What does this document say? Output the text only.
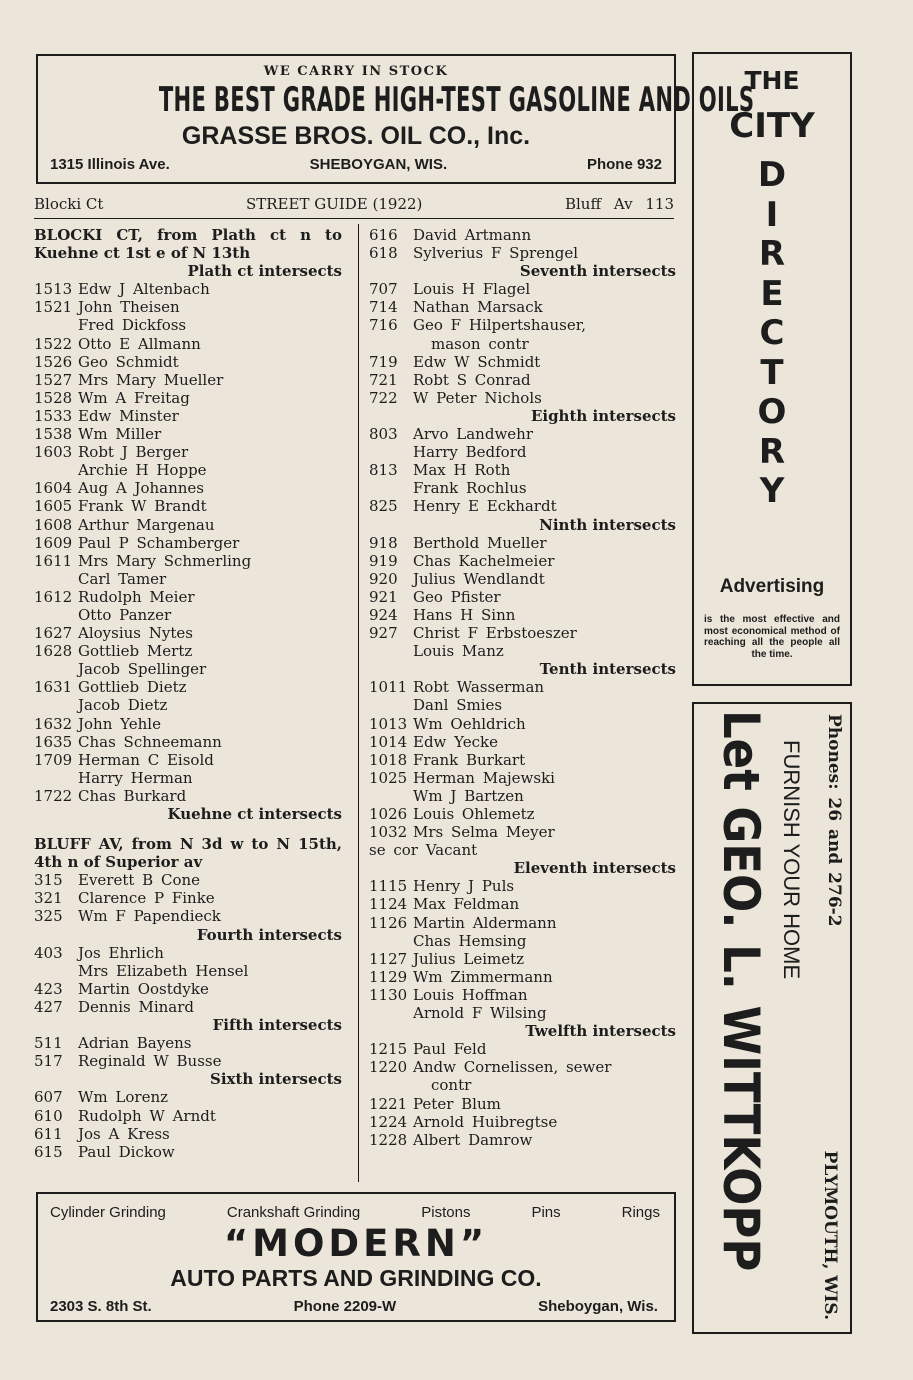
WE CARRY IN STOCK
THE BEST GRADE HIGH-TEST GASOLINE AND OILS
GRASSE BROS. OIL CO., Inc.
1315 Illinois Ave.	SHEBOYGAN, WIS.	Phone 932
Blocki Ct	STREET GUIDE (1922)	Bluff Av 113
BLOCKI CT, from Plath ct n to Kuehne ct 1st e of N 13th
Plath ct intersects
1513 Edw J Altenbach
1521 John Theisen
Fred Dickfoss
1522 Otto E Allmann
1526 Geo Schmidt
1527 Mrs Mary Mueller
1528 Wm A Freitag
1533 Edw Minster
1538 Wm Miller
1603 Robt J Berger
Archie H Hoppe
1604 Aug A Johannes
1605 Frank W Brandt
1608 Arthur Margenau
1609 Paul P Schamberger
1611 Mrs Mary Schmerling
Carl Tamer
1612 Rudolph Meier
Otto Panzer
1627 Aloysius Nytes
1628 Gottlieb Mertz
Jacob Spellinger
1631 Gottlieb Dietz
Jacob Dietz
1632 John Yehle
1635 Chas Schneemann
1709 Herman C Eisold
Harry Herman
1722 Chas Burkard
Kuehne ct intersects
BLUFF AV, from N 3d w to N 15th, 4th n of Superior av
315	Everett B Cone
321	Clarence P Finke
325	Wm F Papendieck
Fourth intersects
403	Jos Ehrlich
Mrs Elizabeth Hensel
423	Martin Oostdyke
427	Dennis Minard
Fifth intersects
511	Adrian Bayens
517	Reginald W Busse
Sixth intersects
607	Wm Lorenz
610	Rudolph W Arndt
611	Jos A Kress
615	Paul Dickow
616	David Artmann
618	Sylverius F Sprengel
Seventh intersects
707	Louis H Flagel
714	Nathan Marsack
716	Geo F Hilpertshauser,
mason contr
719	Edw W Schmidt
721	Robt S Conrad
722	W Peter Nichols
Eighth intersects
803	Arvo Landwehr
Harry Bedford
813	Max H Roth
Frank Rochlus
825	Henry E Eckhardt
Ninth intersects
918	Berthold Mueller
919	Chas Kachelmeier
920	Julius Wendlandt
921	Geo Pfister
924	Hans H Sinn
927	Christ F Erbstoeszer
Louis Manz
Tenth intersects
1011 Robt Wasserman
Danl Smies
1013 Wm Oehldrich
1014 Edw Yecke
1018 Frank Burkart
1025 Herman Majewski
Wm J Bartzen
1026 Louis Ohlemetz
1032 Mrs Selma Meyer
se cor Vacant
Eleventh intersects
1115 Henry J Puls
1124 Max Feldman
1126 Martin Aldermann
Chas Hemsing
1127 Julius Leimetz
1129 Wm Zimmermann
1130 Louis Hoffman
Arnold F Wilsing
Twelfth intersects
1215 Paul Feld
1220 Andw Cornelissen, sewer
contr
1221 Peter Blum
1224 Arnold Huibregtse
1228 Albert Damrow
Cylinder Grinding	Crankshaft Grinding	Pistons	Pins	Rings
“MODERN”
AUTO PARTS AND GRINDING CO.
2303 S. 8th St.	Phone 2209-W	Sheboygan, Wis.
THE
CITY
D
I
R
E
C
T
O
R
Y
Advertising
is the most effective and most economical method of reaching all the people all the time.
Phones: 26 and 276-2
PLYMOUTH, WIS.
Let GEO. L. WITTKOPP FURNISH YOUR HOME
